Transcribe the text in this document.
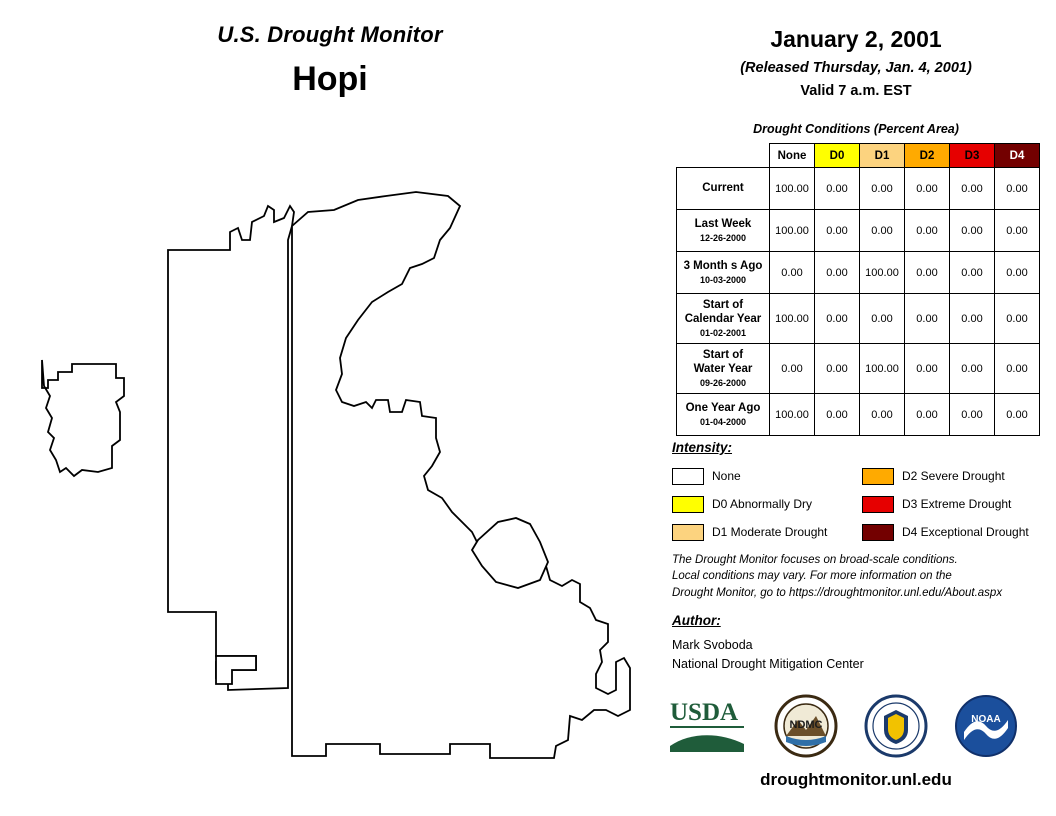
U.S. Drought Monitor
Hopi
January 2, 2001
(Released Thursday, Jan. 4, 2001)
Valid 7 a.m. EST
Drought Conditions (Percent Area)
	None	D0	D1	D2	D3	D4
Current	100.00	0.00	0.00	0.00	0.00	0.00
Last Week
12-26-2000	100.00	0.00	0.00	0.00	0.00	0.00
3 Month s Ago
10-03-2000	0.00	0.00	100.00	0.00	0.00	0.00
Start of
Calendar Year
01-02-2001	100.00	0.00	0.00	0.00	0.00	0.00
Start of
Water Year
09-26-2000	0.00	0.00	100.00	0.00	0.00	0.00
One Year Ago
01-04-2000	100.00	0.00	0.00	0.00	0.00	0.00
Intensity:
None
D0 Abnormally Dry
D1 Moderate Drought
D2 Severe Drought
D3 Extreme Drought
D4 Exceptional Drought
The Drought Monitor focuses on broad-scale conditions.
Local conditions may vary. For more information on the
Drought Monitor, go to https://droughtmonitor.unl.edu/About.aspx
Author:
Mark Svoboda
National Drought Mitigation Center
USDA	NDMC	NOAA
droughtmonitor.unl.edu
